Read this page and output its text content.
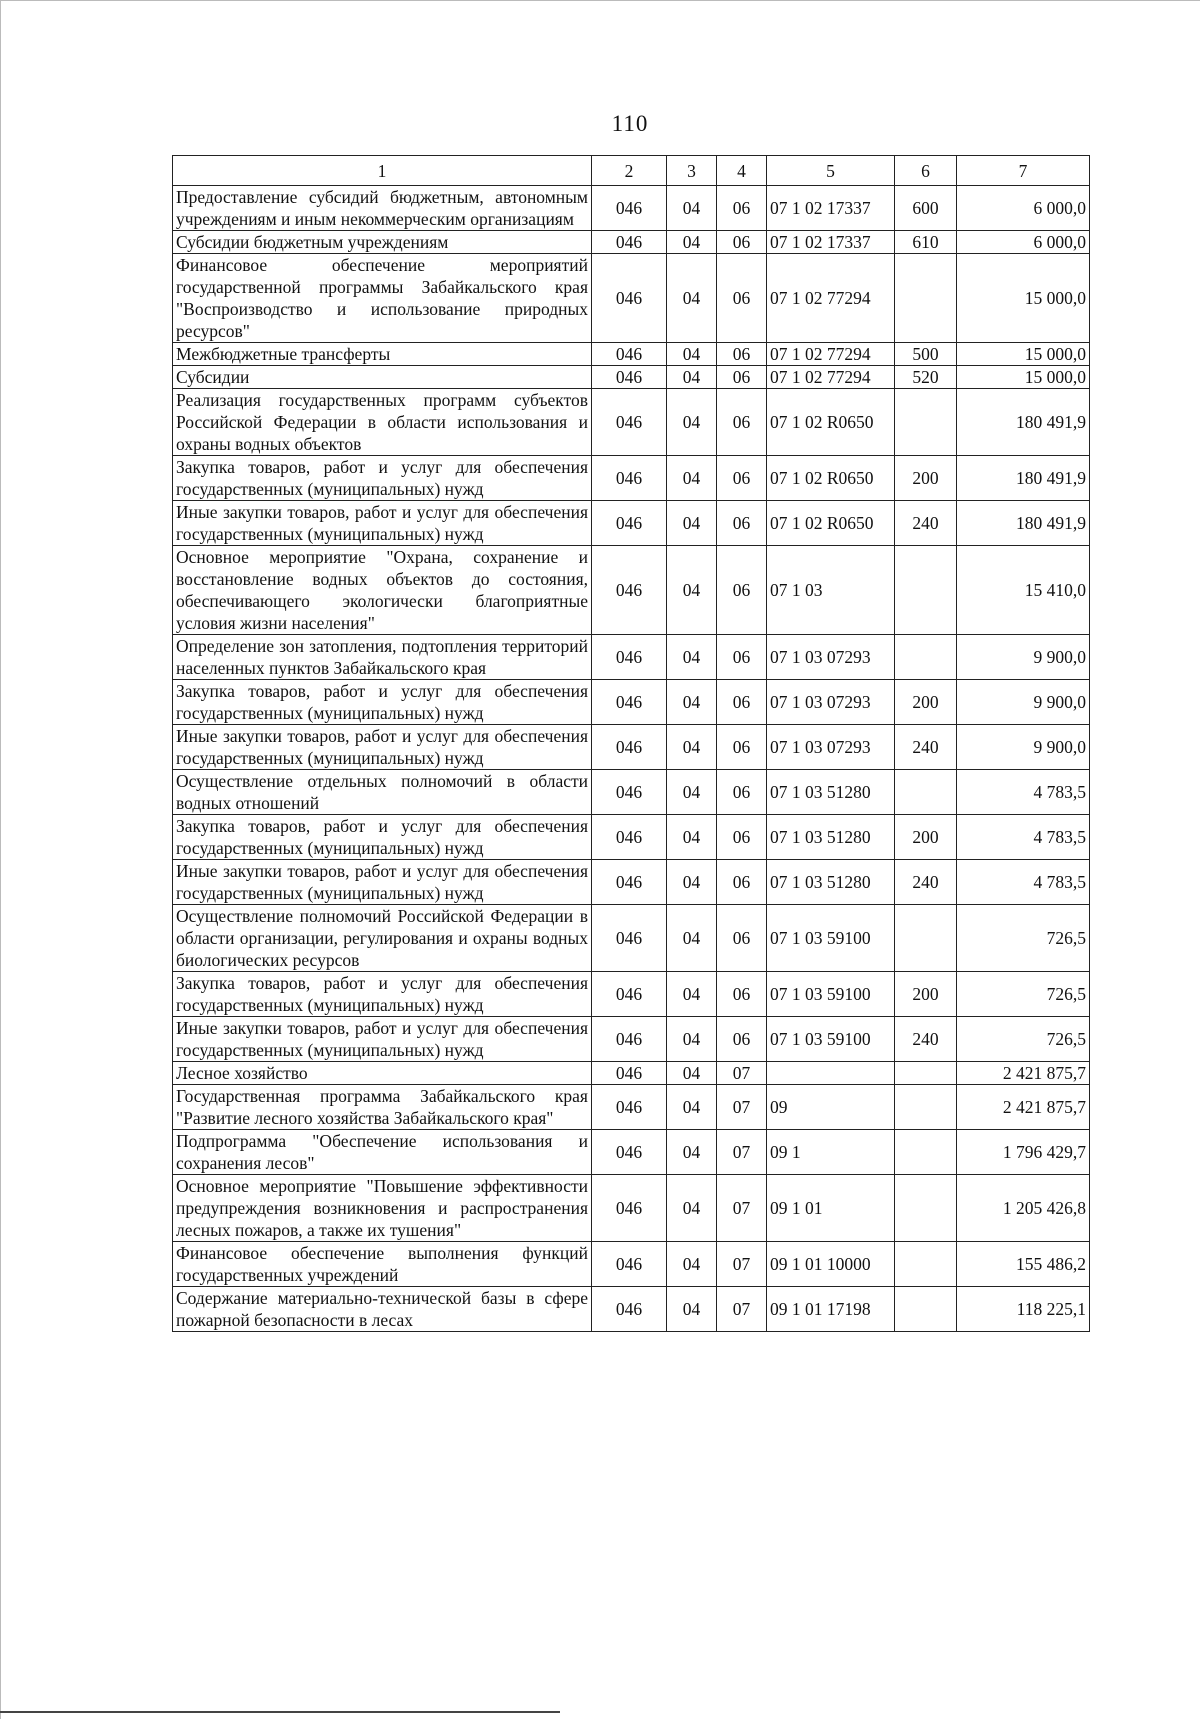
110
1	2	3	4	5	6	7
Предоставление субсидий бюджетным, автономным учреждениям и иным некоммерческим организациям	046	04	06	07 1 02 17337	600	6 000,0
Субсидии бюджетным учреждениям	046	04	06	07 1 02 17337	610	6 000,0
Финансовое обеспечение мероприятий государственной программы Забайкальского края "Воспроизводство и использование природных ресурсов"	046	04	06	07 1 02 77294		15 000,0
Межбюджетные трансферты	046	04	06	07 1 02 77294	500	15 000,0
Субсидии	046	04	06	07 1 02 77294	520	15 000,0
Реализация государственных программ субъектов Российской Федерации в области использования и охраны водных объектов	046	04	06	07 1 02 R0650		180 491,9
Закупка товаров, работ и услуг для обеспечения государственных (муниципальных) нужд	046	04	06	07 1 02 R0650	200	180 491,9
Иные закупки товаров, работ и услуг для обеспечения государственных (муниципальных) нужд	046	04	06	07 1 02 R0650	240	180 491,9
Основное мероприятие "Охрана, сохранение и восстановление водных объектов до состояния, обеспечивающего экологически благоприятные условия жизни населения"	046	04	06	07 1 03		15 410,0
Определение зон затопления, подтопления территорий населенных пунктов Забайкальского края	046	04	06	07 1 03 07293		9 900,0
Закупка товаров, работ и услуг для обеспечения государственных (муниципальных) нужд	046	04	06	07 1 03 07293	200	9 900,0
Иные закупки товаров, работ и услуг для обеспечения государственных (муниципальных) нужд	046	04	06	07 1 03 07293	240	9 900,0
Осуществление отдельных полномочий в области водных отношений	046	04	06	07 1 03 51280		4 783,5
Закупка товаров, работ и услуг для обеспечения государственных (муниципальных) нужд	046	04	06	07 1 03 51280	200	4 783,5
Иные закупки товаров, работ и услуг для обеспечения государственных (муниципальных) нужд	046	04	06	07 1 03 51280	240	4 783,5
Осуществление полномочий Российской Федерации в области организации, регулирования и охраны водных биологических ресурсов	046	04	06	07 1 03 59100		726,5
Закупка товаров, работ и услуг для обеспечения государственных (муниципальных) нужд	046	04	06	07 1 03 59100	200	726,5
Иные закупки товаров, работ и услуг для обеспечения государственных (муниципальных) нужд	046	04	06	07 1 03 59100	240	726,5
Лесное хозяйство	046	04	07			2 421 875,7
Государственная программа Забайкальского края "Развитие лесного хозяйства Забайкальского края"	046	04	07	09		2 421 875,7
Подпрограмма "Обеспечение использования и сохранения лесов"	046	04	07	09 1		1 796 429,7
Основное мероприятие "Повышение эффективности предупреждения возникновения и распространения лесных пожаров, а также их тушения"	046	04	07	09 1 01		1 205 426,8
Финансовое обеспечение выполнения функций государственных учреждений	046	04	07	09 1 01 10000		155 486,2
Содержание материально-технической базы в сфере пожарной безопасности в лесах	046	04	07	09 1 01 17198		118 225,1
